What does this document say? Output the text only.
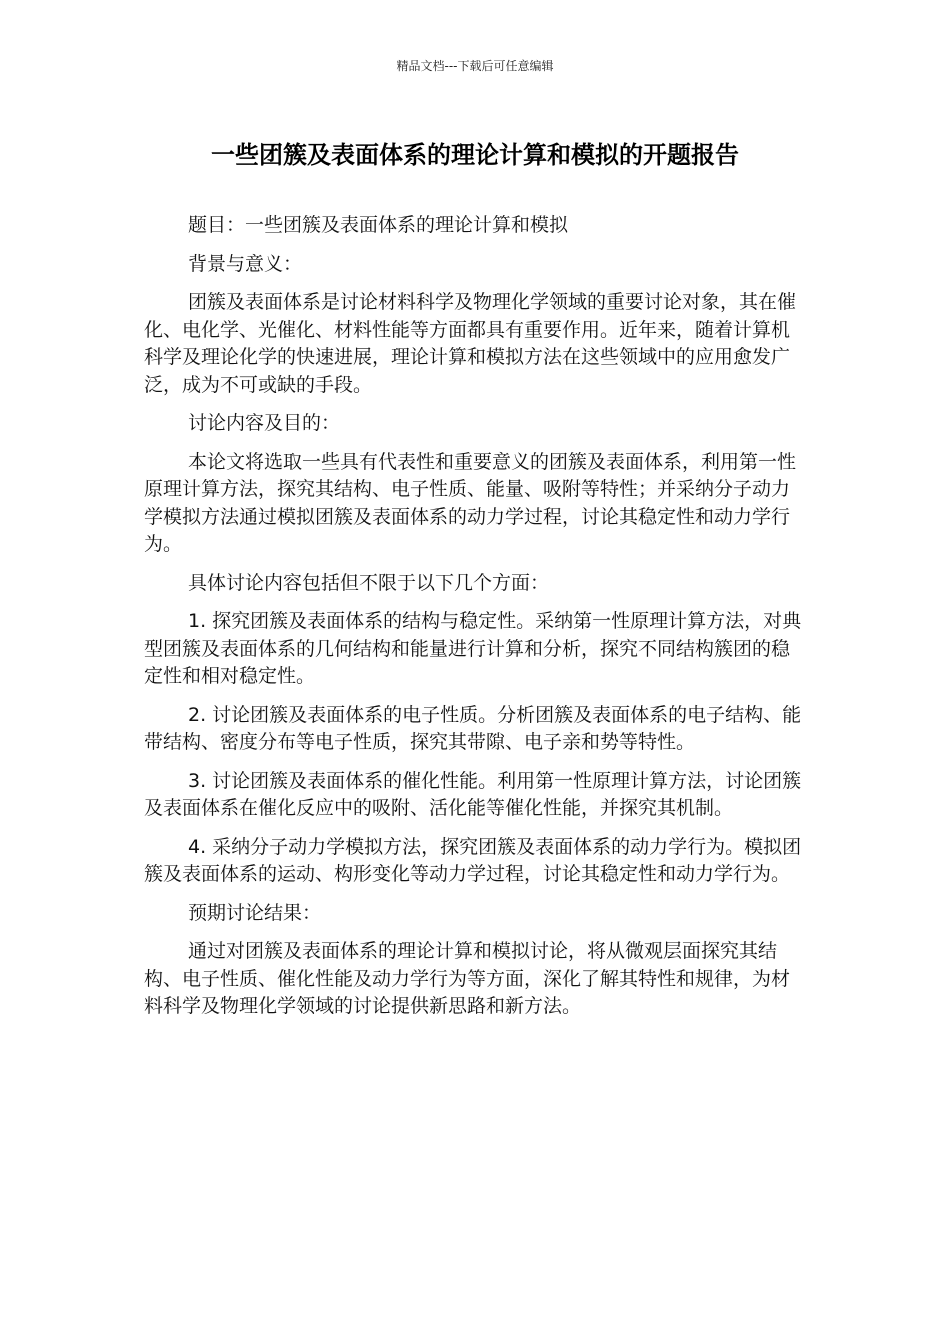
精品文档---下载后可任意编辑
一些团簇及表面体系的理论计算和模拟的开题报告

题目：一些团簇及表面体系的理论计算和模拟

背景与意义：

团簇及表面体系是讨论材料科学及物理化学领域的重要讨论对象，其在催化、电化学、光催化、材料性能等方面都具有重要作用。近年来，随着计算机科学及理论化学的快速进展，理论计算和模拟方法在这些领域中的应用愈发广泛，成为不可或缺的手段。

讨论内容及目的：

本论文将选取一些具有代表性和重要意义的团簇及表面体系，利用第一性原理计算方法，探究其结构、电子性质、能量、吸附等特性；并采纳分子动力学模拟方法通过模拟团簇及表面体系的动力学过程，讨论其稳定性和动力学行为。

具体讨论内容包括但不限于以下几个方面：

1. 探究团簇及表面体系的结构与稳定性。采纳第一性原理计算方法，对典型团簇及表面体系的几何结构和能量进行计算和分析，探究不同结构簇团的稳定性和相对稳定性。

2. 讨论团簇及表面体系的电子性质。分析团簇及表面体系的电子结构、能带结构、密度分布等电子性质，探究其带隙、电子亲和势等特性。

3. 讨论团簇及表面体系的催化性能。利用第一性原理计算方法，讨论团簇及表面体系在催化反应中的吸附、活化能等催化性能，并探究其机制。

4. 采纳分子动力学模拟方法，探究团簇及表面体系的动力学行为。模拟团簇及表面体系的运动、构形变化等动力学过程，讨论其稳定性和动力学行为。

预期讨论结果：

通过对团簇及表面体系的理论计算和模拟讨论，将从微观层面探究其结构、电子性质、催化性能及动力学行为等方面，深化了解其特性和规律，为材料科学及物理化学领域的讨论提供新思路和新方法。
